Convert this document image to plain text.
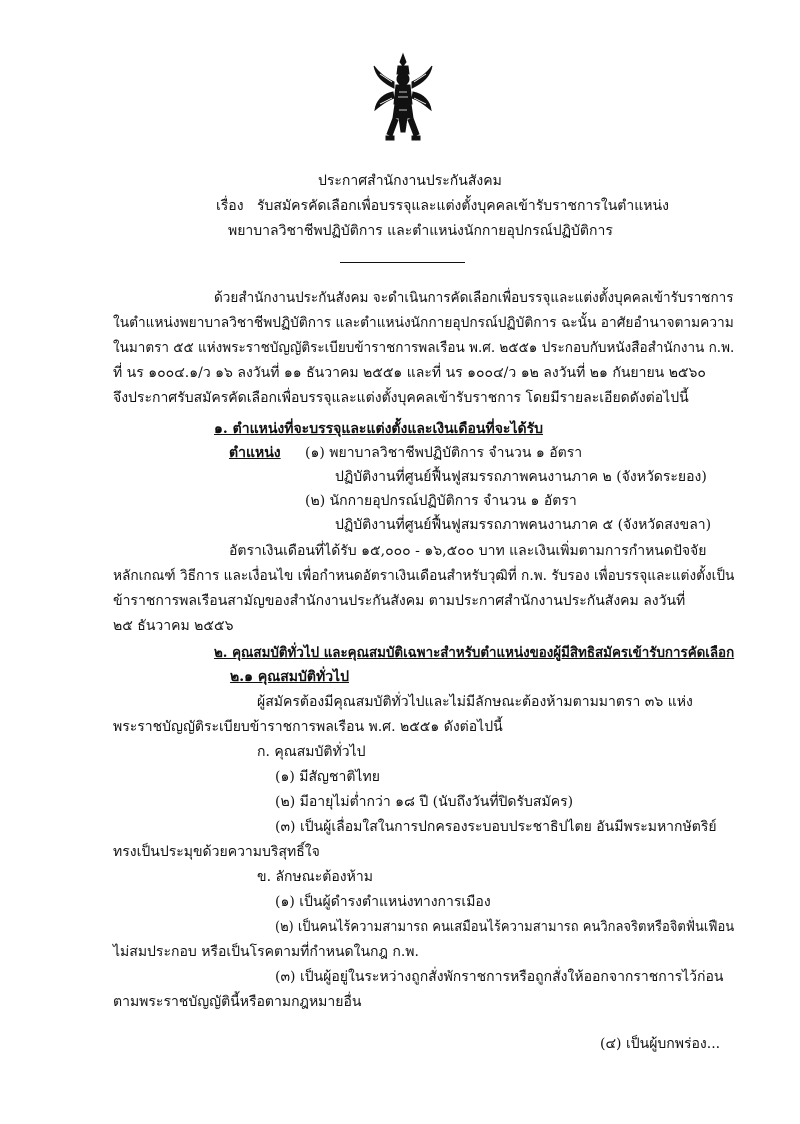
ประกาศสำนักงานประกันสังคม
เรื่อง รับสมัครคัดเลือกเพื่อบรรจุและแต่งตั้งบุคคลเข้ารับราชการในตำแหน่ง
พยาบาลวิชาชีพปฏิบัติการ และตำแหน่งนักกายอุปกรณ์ปฏิบัติการ
ด้วยสำนักงานประกันสังคม จะดำเนินการคัดเลือกเพื่อบรรจุและแต่งตั้งบุคคลเข้ารับราชการ
ในตำแหน่งพยาบาลวิชาชีพปฏิบัติการ และตำแหน่งนักกายอุปกรณ์ปฏิบัติการ ฉะนั้น อาศัยอำนาจตามความ
ในมาตรา ๕๕ แห่งพระราชบัญญัติระเบียบข้าราชการพลเรือน พ.ศ. ๒๕๕๑ ประกอบกับหนังสือสำนักงาน ก.พ.
ที่ นร ๑๐๐๔.๑/ว ๑๖ ลงวันที่ ๑๑ ธันวาคม ๒๕๕๑ และที่ นร ๑๐๐๔/ว ๑๒ ลงวันที่ ๒๑ กันยายน ๒๕๖๐
จึงประกาศรับสมัครคัดเลือกเพื่อบรรจุและแต่งตั้งบุคคลเข้ารับราชการ โดยมีรายละเอียดดังต่อไปนี้
๑. ตำแหน่งที่จะบรรจุและแต่งตั้งและเงินเดือนที่จะได้รับ
ตำแหน่ง (๑) พยาบาลวิชาชีพปฏิบัติการ จำนวน ๑ อัตรา
ปฏิบัติงานที่ศูนย์ฟื้นฟูสมรรถภาพคนงานภาค ๒ (จังหวัดระยอง)
(๒) นักกายอุปกรณ์ปฏิบัติการ จำนวน ๑ อัตรา
ปฏิบัติงานที่ศูนย์ฟื้นฟูสมรรถภาพคนงานภาค ๕ (จังหวัดสงขลา)
อัตราเงินเดือนที่ได้รับ ๑๕,๐๐๐ - ๑๖,๕๐๐ บาท และเงินเพิ่มตามการกำหนดปัจจัย
หลักเกณฑ์ วิธีการ และเงื่อนไข เพื่อกำหนดอัตราเงินเดือนสำหรับวุฒิที่ ก.พ. รับรอง เพื่อบรรจุและแต่งตั้งเป็น
ข้าราชการพลเรือนสามัญของสำนักงานประกันสังคม ตามประกาศสำนักงานประกันสังคม ลงวันที่
๒๕ ธันวาคม ๒๕๕๖
๒. คุณสมบัติทั่วไป และคุณสมบัติเฉพาะสำหรับตำแหน่งของผู้มีสิทธิสมัครเข้ารับการคัดเลือก
๒.๑ คุณสมบัติทั่วไป
ผู้สมัครต้องมีคุณสมบัติทั่วไปและไม่มีลักษณะต้องห้ามตามมาตรา ๓๖ แห่ง
พระราชบัญญัติระเบียบข้าราชการพลเรือน พ.ศ. ๒๕๕๑ ดังต่อไปนี้
ก. คุณสมบัติทั่วไป
(๑) มีสัญชาติไทย
(๒) มีอายุไม่ต่ำกว่า ๑๘ ปี (นับถึงวันที่ปิดรับสมัคร)
(๓) เป็นผู้เลื่อมใสในการปกครองระบอบประชาธิปไตย อันมีพระมหากษัตริย์
ทรงเป็นประมุขด้วยความบริสุทธิ์ใจ
ข. ลักษณะต้องห้าม
(๑) เป็นผู้ดำรงตำแหน่งทางการเมือง
(๒) เป็นคนไร้ความสามารถ คนเสมือนไร้ความสามารถ คนวิกลจริตหรือจิตฟั่นเฟือน
ไม่สมประกอบ หรือเป็นโรคตามที่กำหนดในกฎ ก.พ.
(๓) เป็นผู้อยู่ในระหว่างถูกสั่งพักราชการหรือถูกสั่งให้ออกจากราชการไว้ก่อน
ตามพระราชบัญญัตินี้หรือตามกฎหมายอื่น
(๔) เป็นผู้บกพร่อง...
